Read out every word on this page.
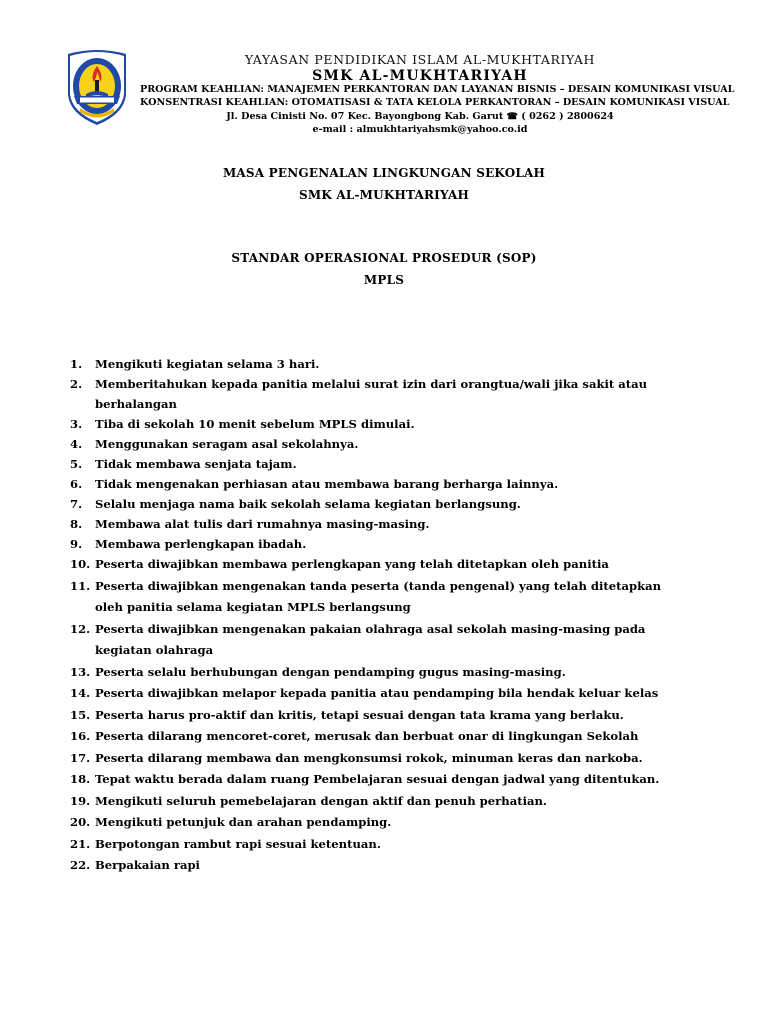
YAYASAN PENDIDIKAN ISLAM AL-MUKHTARIYAH
SMK AL-MUKHTARIYAH
PROGRAM KEAHLIAN: MANAJEMEN PERKANTORAN DAN LAYANAN BISNIS – DESAIN KOMUNIKASI VISUAL
KONSENTRASI KEAHLIAN: OTOMATISASI & TATA KELOLA PERKANTORAN – DESAIN KOMUNIKASI VISUAL
Jl. Desa Cinisti No. 07 Kec. Bayongbong Kab. Garut ☎ ( 0262 ) 2800624
e-mail : almukhtariyahsmk@yahoo.co.id
MASA PENGENALAN LINGKUNGAN SEKOLAH
SMK AL-MUKHTARIYAH
STANDAR OPERASIONAL PROSEDUR (SOP)
MPLS
1. Mengikuti kegiatan selama 3 hari.
2. Memberitahukan kepada panitia melalui surat izin dari orangtua/wali jika sakit atau
berhalangan
3. Tiba di sekolah 10 menit sebelum MPLS dimulai.
4. Menggunakan seragam asal sekolahnya.
5. Tidak membawa senjata tajam.
6. Tidak mengenakan perhiasan atau membawa barang berharga lainnya.
7. Selalu menjaga nama baik sekolah selama kegiatan berlangsung.
8. Membawa alat tulis dari rumahnya masing-masing.
9. Membawa perlengkapan ibadah.
10. Peserta diwajibkan membawa perlengkapan yang telah ditetapkan oleh panitia
11. Peserta diwajibkan mengenakan tanda peserta (tanda pengenal) yang telah ditetapkan
oleh panitia selama kegiatan MPLS berlangsung
12. Peserta diwajibkan mengenakan pakaian olahraga asal sekolah masing-masing pada
kegiatan olahraga
13. Peserta selalu berhubungan dengan pendamping gugus masing-masing.
14. Peserta diwajibkan melapor kepada panitia atau pendamping bila hendak keluar kelas
15. Peserta harus pro-aktif dan kritis, tetapi sesuai dengan tata krama yang berlaku.
16. Peserta dilarang mencoret-coret, merusak dan berbuat onar di lingkungan Sekolah
17. Peserta dilarang membawa dan mengkonsumsi rokok, minuman keras dan narkoba.
18. Tepat waktu berada dalam ruang Pembelajaran sesuai dengan jadwal yang ditentukan.
19. Mengikuti seluruh pemebelajaran dengan aktif dan penuh perhatian.
20. Mengikuti petunjuk dan arahan pendamping.
21. Berpotongan rambut rapi sesuai ketentuan.
22. Berpakaian rapi
